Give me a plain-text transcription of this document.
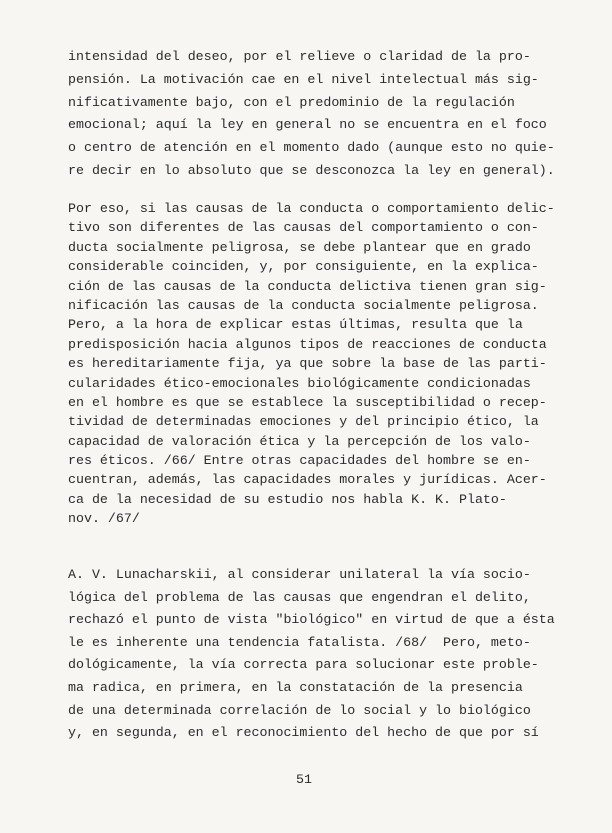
intensidad del deseo, por el relieve o claridad de la pro-
pensión. La motivación cae en el nivel intelectual más sig-
nificativamente bajo, con el predominio de la regulación
emocional; aquí la ley en general no se encuentra en el foco
o centro de atención en el momento dado (aunque esto no quie-
re decir en lo absoluto que se desconozca la ley en general).
Por eso, si las causas de la conducta o comportamiento delic-
tivo son diferentes de las causas del comportamiento o con-
ducta socialmente peligrosa, se debe plantear que en grado
considerable coinciden, y, por consiguiente, en la explica-
ción de las causas de la conducta delictiva tienen gran sig-
nificación las causas de la conducta socialmente peligrosa.
Pero, a la hora de explicar estas últimas, resulta que la
predisposición hacia algunos tipos de reacciones de conducta
es hereditariamente fija, ya que sobre la base de las parti-
cularidades ético-emocionales biológicamente condicionadas
en el hombre es que se establece la susceptibilidad o recep-
tividad de determinadas emociones y del principio ético, la
capacidad de valoración ética y la percepción de los valo-
res éticos. /66/ Entre otras capacidades del hombre se en-
cuentran, además, las capacidades morales y jurídicas. Acer-
ca de la necesidad de su estudio nos habla K. K. Plato-
nov. /67/
A. V. Lunacharskii, al considerar unilateral la vía socio-
lógica del problema de las causas que engendran el delito,
rechazó el punto de vista "biológico" en virtud de que a ésta
le es inherente una tendencia fatalista. /68/  Pero, meto-
dológicamente, la vía correcta para solucionar este proble-
ma radica, en primera, en la constatación de la presencia
de una determinada correlación de lo social y lo biológico
y, en segunda, en el reconocimiento del hecho de que por sí
51
